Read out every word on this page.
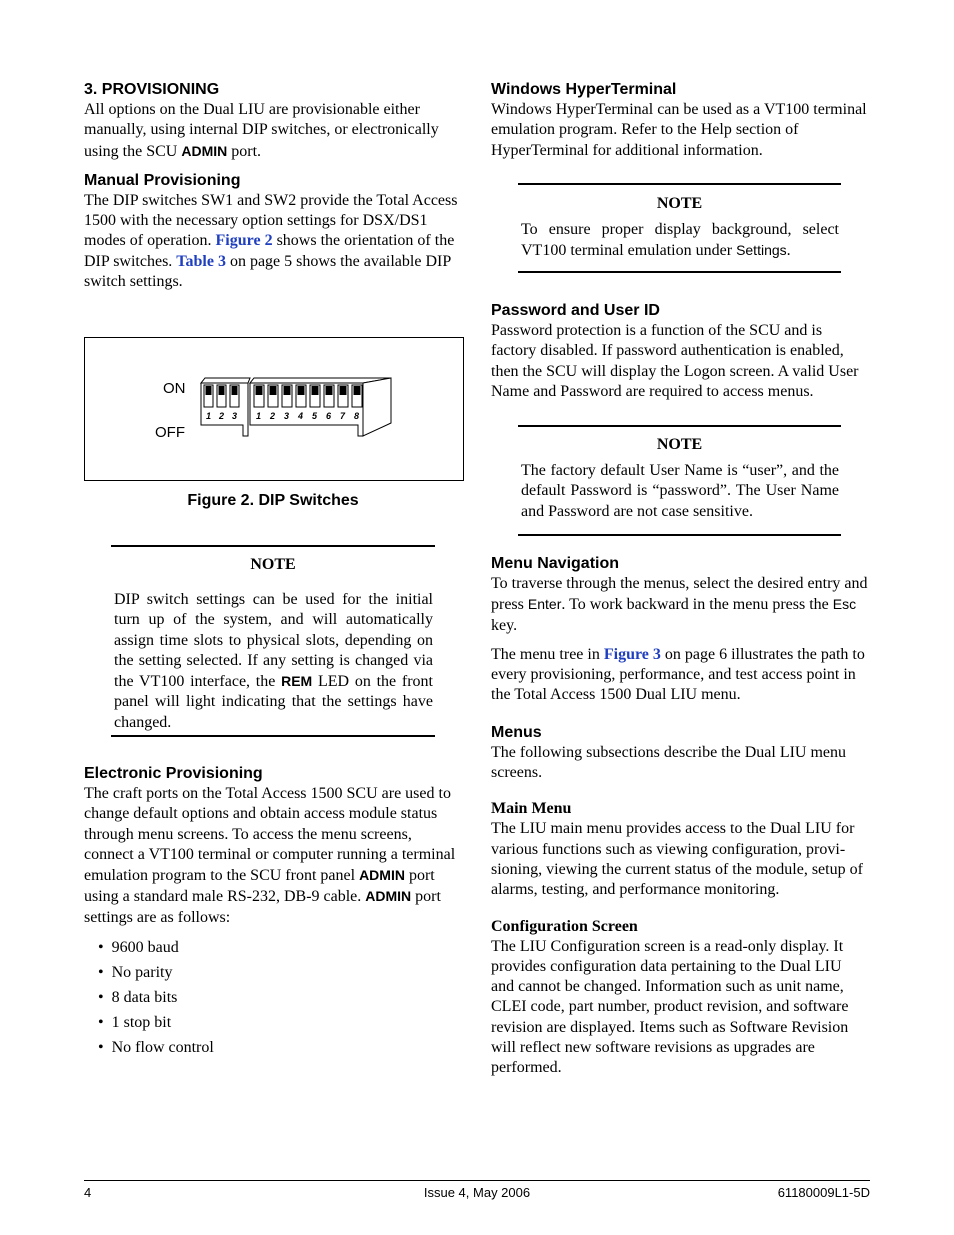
3. PROVISIONING

All options on the Dual LIU are provisionable either manually, using internal DIP switches, or electronically using the SCU ADMIN port.

Manual Provisioning

The DIP switches SW1 and SW2 provide the Total Access 1500 with the necessary option settings for DSX/DS1 modes of operation. Figure 2 shows the orientation of the DIP switches. Table 3 on page 5 shows the available DIP switch settings.

ON
OFF
1 2 3 1 2 3 4 5 6 7 8
Figure 2. DIP Switches
NOTE

DIP switch settings can be used for the initial turn up of the system, and will automatically assign time slots to physical slots, depending on the setting selected. If any setting is changed via the VT100 interface, the REM LED on the front panel will light indicating that the settings have changed.

Electronic Provisioning

The craft ports on the Total Access 1500 SCU are used to change default options and obtain access module status through menu screens. To access the menu screens, connect a VT100 terminal or computer running a terminal emulation program to the SCU front panel ADMIN port using a standard male RS-232, DB-9 cable. ADMIN port settings are as follows:

•  9600 baud
•  No parity
•  8 data bits
•  1 stop bit
•  No flow control
Windows HyperTerminal

Windows HyperTerminal can be used as a VT100 terminal emulation program. Refer to the Help section of HyperTerminal for additional information.

NOTE

To ensure proper display background, select VT100 terminal emulation under Settings.

Password and User ID

Password protection is a function of the SCU and is factory disabled. If password authentication is enabled, then the SCU will display the Logon screen. A valid User Name and Password are required to access menus.

NOTE

The factory default User Name is “user”, and the default Password is “password”. The User Name and Password are not case sensitive.

Menu Navigation

To traverse through the menus, select the desired entry and press Enter. To work backward in the menu press the Esc key.

The menu tree in Figure 3 on page 6 illustrates the path to every provisioning, performance, and test access point in the Total Access 1500 Dual LIU menu.

Menus

The following subsections describe the Dual LIU menu screens.

Main Menu

The LIU main menu provides access to the Dual LIU for various functions such as viewing configuration, provi-sioning, viewing the current status of the module, setup of alarms, testing, and performance monitoring.

Configuration Screen

The LIU Configuration screen is a read-only display. It provides configuration data pertaining to the Dual LIU and cannot be changed. Information such as unit name, CLEI code, part number, product revision, and software revision are displayed. Items such as Software Revision will reflect new software revisions as upgrades are performed.

4	Issue 4, May 2006	61180009L1-5D
